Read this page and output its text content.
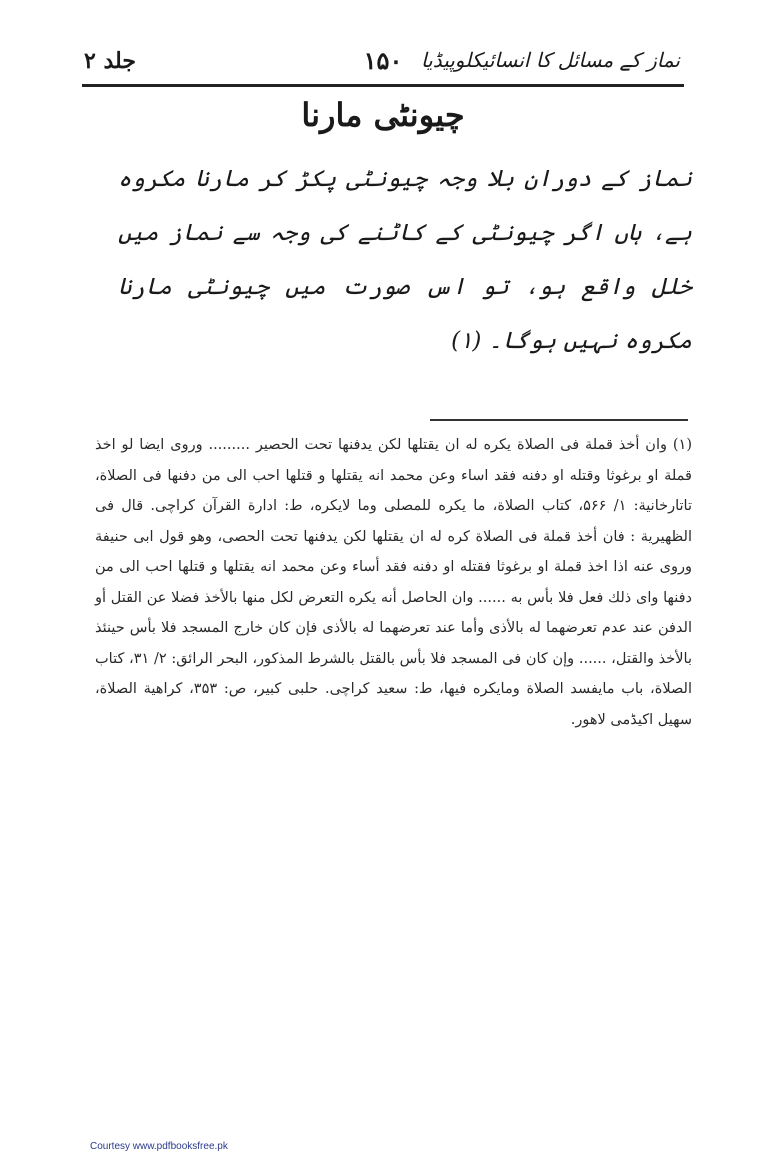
نماز کے مسائل کا انسائیکلوپیڈیا
۱۵۰
جلد ۲
چیونٹی مارنا
نماز کے دوران بلا وجہ چیونٹی پکڑ کر مارنا مکروہ ہے، ہاں اگر چیونٹی کے کاٹنے کی وجہ سے نماز میں خلل واقع ہو، تو اس صورت میں چیونٹی مارنا مکروہ نہیں ہوگا۔ (۱)
(۱) وان أخذ قملة فى الصلاة يكره له ان يقتلها لكن يدفنها تحت الحصير ......... وروى ايضا لو اخذ قملة او برغوثا وقتله او دفنه فقد اساء وعن محمد انه يقتلها و قتلها احب الى من دفنها فى الصلاة، تاتارخانية: ۱/ ۵۶۶، كتاب الصلاة، ما يكره للمصلى وما لايكره، ط: ادارة القرآن كراچى. قال فى الظهيرية : فان أخذ قملة فى الصلاة كره له ان يقتلها لكن يدفنها تحت الحصى، وهو قول ابى حنيفة وروى عنه اذا اخذ قملة او برغوثا فقتله او دفنه فقد أساء وعن محمد انه يقتلها و قتلها احب الى من دفنها واى ذلك فعل فلا بأس به ...... وان الحاصل أنه يكره التعرض لكل منها بالأخذ فضلا عن القتل أو الدفن عند عدم تعرضهما له بالأذى وأما عند تعرضهما له بالأذى فإن كان خارج المسجد فلا بأس حينئذ بالأخذ والقتل، ...... وإن كان فى المسجد فلا بأس بالقتل بالشرط المذكور، البحر الرائق: ۲/ ۳۱، كتاب الصلاة، باب مايفسد الصلاة ومايكره فيها، ط: سعيد كراچى. حلبى كبير، ص: ۳۵۳، كراهية الصلاة، سهيل اكيڈمى لاهور.
Courtesy www.pdfbooksfree.pk
